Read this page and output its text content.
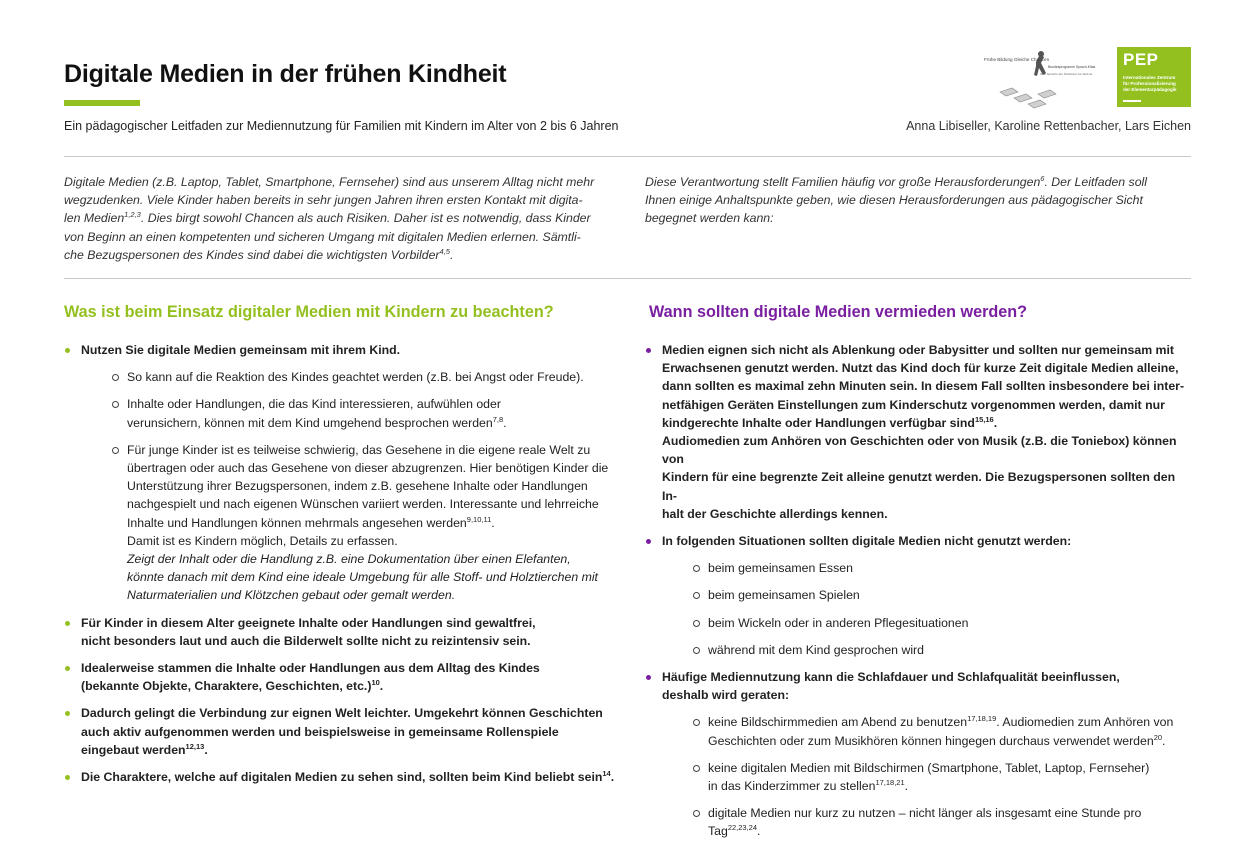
Digitale Medien in der frühen Kindheit
Ein pädagogischer Leitfaden zur Mediennutzung für Familien mit Kindern im Alter von 2 bis 6 Jahren	Anna Libiseller, Karoline Rettenbacher, Lars Eichen
Frühe Bildung Gleiche Chancen
Bundesprogramm Sprach-Kitas
Weil Sprache der Schlüssel zur Welt ist
PEP
Internationales Zentrum
für Professionalisierung
der Elementarpädagogik
Digitale Medien (z.B. Laptop, Tablet, Smartphone, Fernseher) sind aus unserem Alltag nicht mehr
wegzudenken. Viele Kinder haben bereits in sehr jungen Jahren ihren ersten Kontakt mit digita-
len Medien$^{1,2,3}$. Dies birgt sowohl Chancen als auch Risiken. Daher ist es notwendig, dass Kinder
von Beginn an einen kompetenten und sicheren Umgang mit digitalen Medien erlernen. Sämtli-
che Bezugspersonen des Kindes sind dabei die wichtigsten Vorbilder$^{4,5}$.
Diese Verantwortung stellt Familien häufig vor große Herausforderungen$^6$. Der Leitfaden soll
Ihnen einige Anhaltspunkte geben, wie diesen Herausforderungen aus pädagogischer Sicht
begegnet werden kann:
Was ist beim Einsatz digitaler Medien mit Kindern zu beachten?	Wann sollten digitale Medien vermieden werden?
Nutzen Sie digitale Medien gemeinsam mit ihrem Kind.
So kann auf die Reaktion des Kindes geachtet werden (z.B. bei Angst oder Freude).
Inhalte oder Handlungen, die das Kind interessieren, aufwühlen oder
verunsichern, können mit dem Kind umgehend besprochen werden$^{7,8}$.
Für junge Kinder ist es teilweise schwierig, das Gesehene in die eigene reale Welt zu
übertragen oder auch das Gesehene von dieser abzugrenzen. Hier benötigen Kinder die
Unterstützung ihrer Bezugspersonen, indem z.B. gesehene Inhalte oder Handlungen
nachgespielt und nach eigenen Wünschen variiert werden. Interessante und lehrreiche
Inhalte und Handlungen können mehrmals angesehen werden$^{9,10,11}$.
Damit ist es Kindern möglich, Details zu erfassen.
Zeigt der Inhalt oder die Handlung z.B. eine Dokumentation über einen Elefanten,
könnte danach mit dem Kind eine ideale Umgebung für alle Stoff- und Holztierchen mit
Naturmaterialien und Klötzchen gebaut oder gemalt werden.
Für Kinder in diesem Alter geeignete Inhalte oder Handlungen sind gewaltfrei,
nicht besonders laut und auch die Bilderwelt sollte nicht zu reizintensiv sein.
Idealerweise stammen die Inhalte oder Handlungen aus dem Alltag des Kindes
(bekannte Objekte, Charaktere, Geschichten, etc.)$^{10}$.
Dadurch gelingt die Verbindung zur eignen Welt leichter. Umgekehrt können Geschichten
auch aktiv aufgenommen werden und beispielsweise in gemeinsame Rollenspiele
eingebaut werden$^{12,13}$.
Die Charaktere, welche auf digitalen Medien zu sehen sind, sollten beim Kind beliebt sein$^{14}$.
Medien eignen sich nicht als Ablenkung oder Babysitter und sollten nur gemeinsam mit
Erwachsenen genutzt werden. Nutzt das Kind doch für kurze Zeit digitale Medien alleine,
dann sollten es maximal zehn Minuten sein. In diesem Fall sollten insbesondere bei inter-
netfähigen Geräten Einstellungen zum Kinderschutz vorgenommen werden, damit nur
kindgerechte Inhalte oder Handlungen verfügbar sind$^{15,16}$.
Audiomedien zum Anhören von Geschichten oder von Musik (z.B. die Toniebox) können von
Kindern für eine begrenzte Zeit alleine genutzt werden. Die Bezugspersonen sollten den In-
halt der Geschichte allerdings kennen.
In folgenden Situationen sollten digitale Medien nicht genutzt werden:
beim gemeinsamen Essen
beim gemeinsamen Spielen
beim Wickeln oder in anderen Pflegesituationen
während mit dem Kind gesprochen wird
Häufige Mediennutzung kann die Schlafdauer und Schlafqualität beeinflussen,
deshalb wird geraten:
keine Bildschirmmedien am Abend zu benutzen$^{17,18,19}$. Audiomedien zum Anhören von
Geschichten oder zum Musikhören können hingegen durchaus verwendet werden$^{20}$.
keine digitalen Medien mit Bildschirmen (Smartphone, Tablet, Laptop, Fernseher)
in das Kinderzimmer zu stellen$^{17,18,21}$.
digitale Medien nur kurz zu nutzen – nicht länger als insgesamt eine Stunde pro Tag$^{22,23,24}$.
